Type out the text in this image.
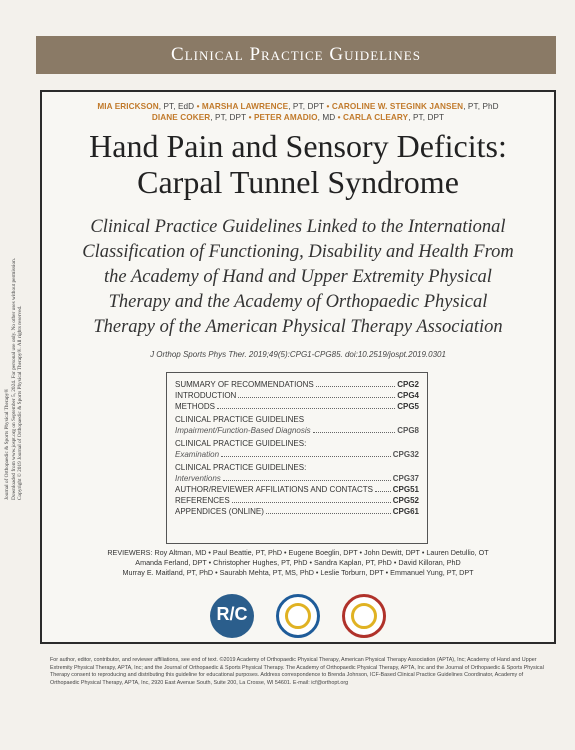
Clinical Practice Guidelines
MIA ERICKSON, PT, EdD • MARSHA LAWRENCE, PT, DPT • CAROLINE W. STEGINK JANSEN, PT, PhD
DIANE COKER, PT, DPT • PETER AMADIO, MD • CARLA CLEARY, PT, DPT
Hand Pain and Sensory Deficits:
Carpal Tunnel Syndrome
Clinical Practice Guidelines Linked to the International
Classification of Functioning, Disability and Health From
the Academy of Hand and Upper Extremity Physical
Therapy and the Academy of Orthopaedic Physical
Therapy of the American Physical Therapy Association
J Orthop Sports Phys Ther. 2019;49(5):CPG1-CPG85. doi:10.2519/jospt.2019.0301
SUMMARY OF RECOMMENDATIONS	CPG2
INTRODUCTION	CPG4
METHODS	CPG5
CLINICAL PRACTICE GUIDELINES
Impairment/Function-Based Diagnosis	CPG8
CLINICAL PRACTICE GUIDELINES:
Examination	CPG32
CLINICAL PRACTICE GUIDELINES:
Interventions	CPG37
AUTHOR/REVIEWER AFFILIATIONS AND CONTACTS CPG51
REFERENCES	CPG52
APPENDICES (ONLINE)	CPG61
REVIEWERS: Roy Altman, MD • Paul Beattie, PT, PhD • Eugene Boeglin, DPT • John Dewitt, DPT • Lauren Detullio, OT
Amanda Ferland, DPT • Christopher Hughes, PT, PhD • Sandra Kaplan, PT, PhD • David Killoran, PhD
Murray E. Maitland, PT, PhD • Saurabh Mehta, PT, MS, PhD • Leslie Torburn, DPT • Emmanuel Yung, PT, DPT
R/C
For author, editor, contributor, and reviewer affiliations, see end of text. ©2019 Academy of Orthopaedic Physical Therapy, American Physical Therapy Association (APTA), Inc; Academy of Hand and Upper Extremity Physical Therapy, APTA, Inc; and the Journal of Orthopaedic & Sports Physical Therapy. The Academy of Orthopaedic Physical Therapy, APTA, Inc and the Journal of Orthopaedic & Sports Physical Therapy consent to reproducing and distributing this guideline for educational purposes. Address correspondence to Brenda Johnson, ICF-Based Clinical Practice Guidelines Coordinator, Academy of Orthopaedic Physical Therapy, APTA, Inc, 2920 East Avenue South, Suite 200, La Crosse, WI 54601. E-mail: icf@orthopt.org
Journal of Orthopaedic & Sports Physical Therapy® Downloaded from www.jospt.org on September 5, 2024. For personal use only. No other uses without permission. Copyright © 2019 Journal of Orthopaedic & Sports Physical Therapy®. All rights reserved.
